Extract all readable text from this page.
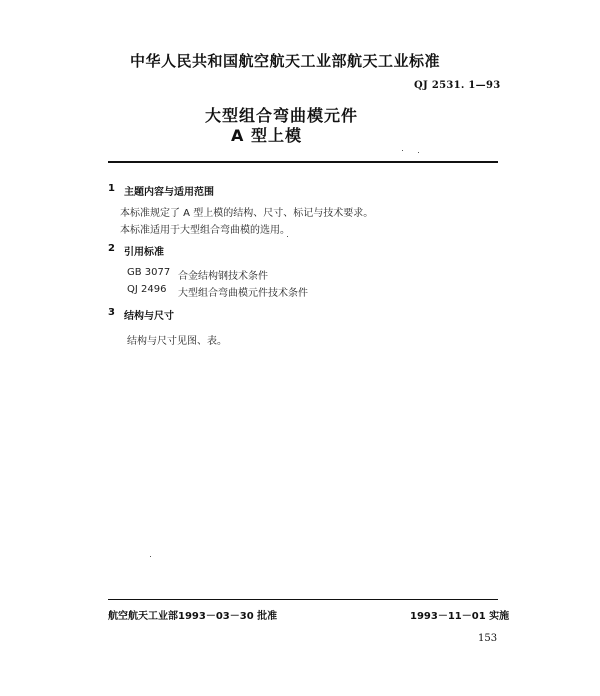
中华人民共和国航空航天工业部航天工业标准
QJ 2531. 1—93
大型组合弯曲模元件
A 型上模
1 主题内容与适用范围
本标准规定了 A 型上模的结构、尺寸、标记与技术要求。
本标准适用于大型组合弯曲模的选用。
2 引用标准
GB 3077 合金结构钢技术条件
QJ 2496 大型组合弯曲模元件技术条件
3 结构与尺寸
结构与尺寸见图、表。
航空航天工业部1993－03－30 批准	1993－11－01 实施
153
